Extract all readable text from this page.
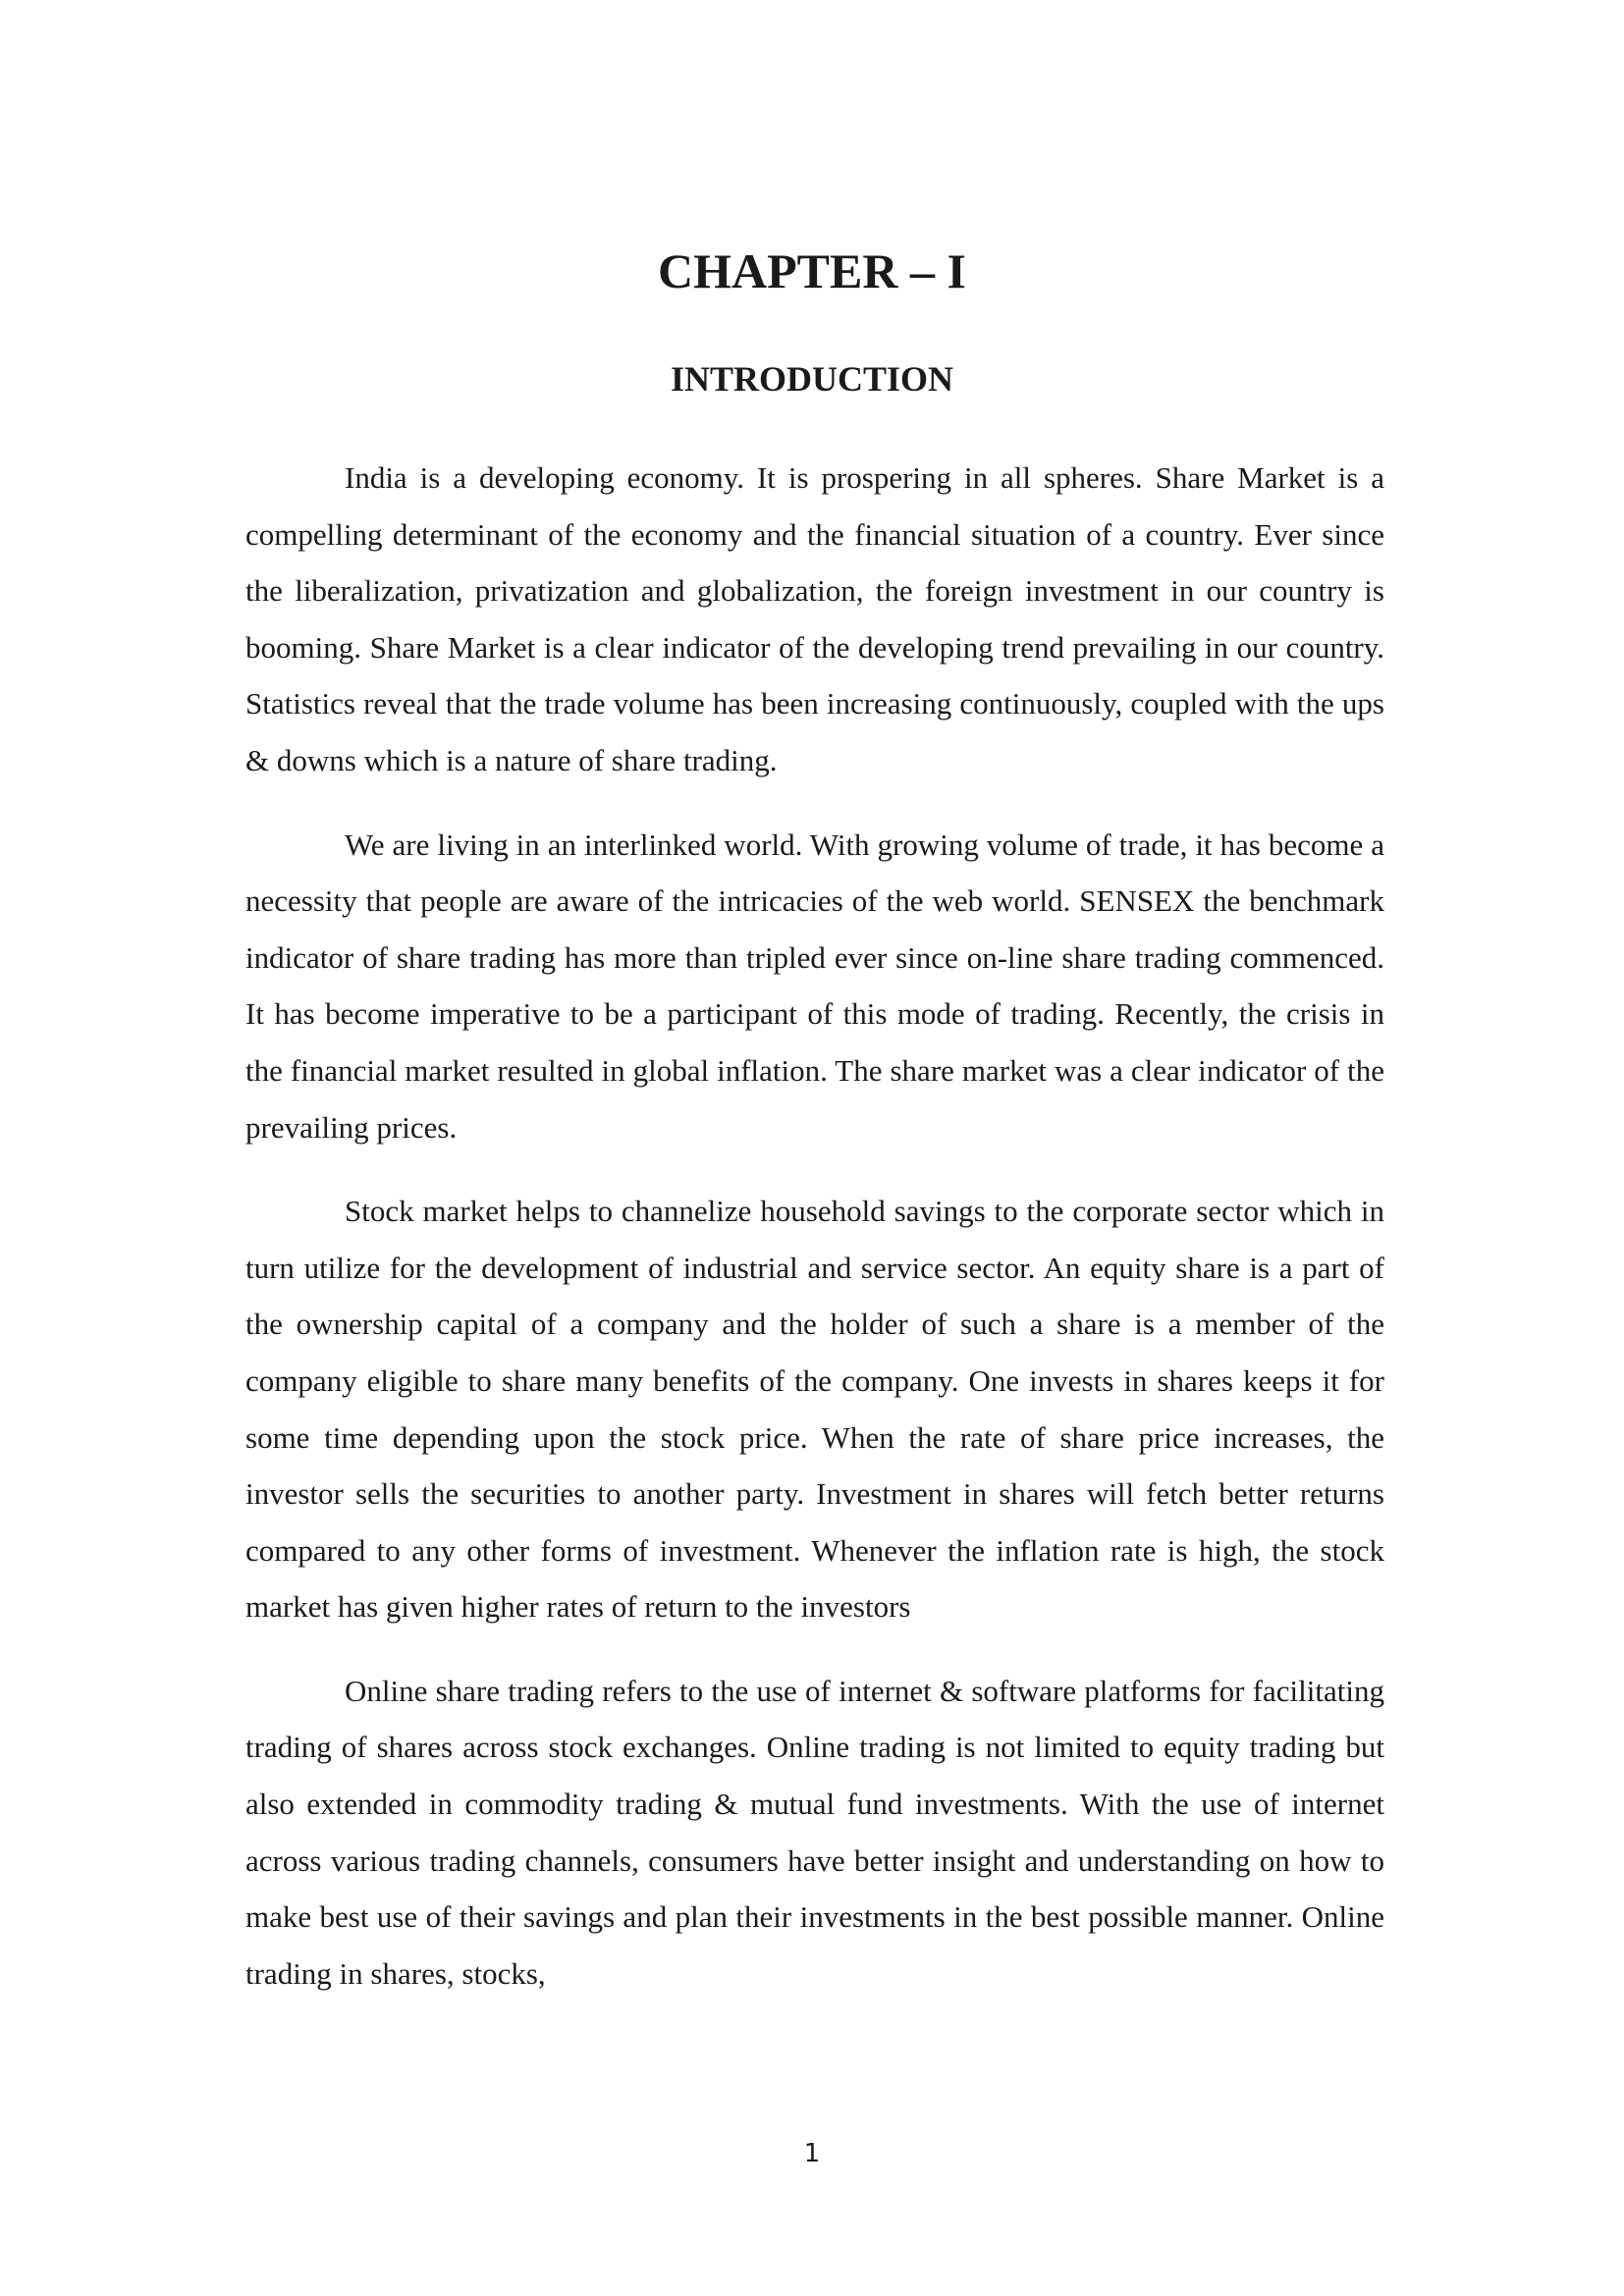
CHAPTER – I
INTRODUCTION

India is a developing economy. It is prospering in all spheres. Share Market is a compelling determinant of the economy and the financial situation of a country. Ever since the liberalization, privatization and globalization, the foreign investment in our country is booming. Share Market is a clear indicator of the developing trend prevailing in our country. Statistics reveal that the trade volume has been increasing continuously, coupled with the ups & downs which is a nature of share trading.

We are living in an interlinked world. With growing volume of trade, it has become a necessity that people are aware of the intricacies of the web world. SENSEX the benchmark indicator of share trading has more than tripled ever since on-line share trading commenced. It has become imperative to be a participant of this mode of trading. Recently, the crisis in the financial market resulted in global inflation. The share market was a clear indicator of the prevailing prices.

Stock market helps to channelize household savings to the corporate sector which in turn utilize for the development of industrial and service sector. An equity share is a part of the ownership capital of a company and the holder of such a share is a member of the company eligible to share many benefits of the company. One invests in shares keeps it for some time depending upon the stock price. When the rate of share price increases, the investor sells the securities to another party. Investment in shares will fetch better returns compared to any other forms of investment. Whenever the inflation rate is high, the stock market has given higher rates of return to the investors

Online share trading refers to the use of internet & software platforms for facilitating trading of shares across stock exchanges. Online trading is not limited to equity trading but also extended in commodity trading & mutual fund investments. With the use of internet across various trading channels, consumers have better insight and understanding on how to make best use of their savings and plan their investments in the best possible manner. Online trading in shares, stocks,

1
